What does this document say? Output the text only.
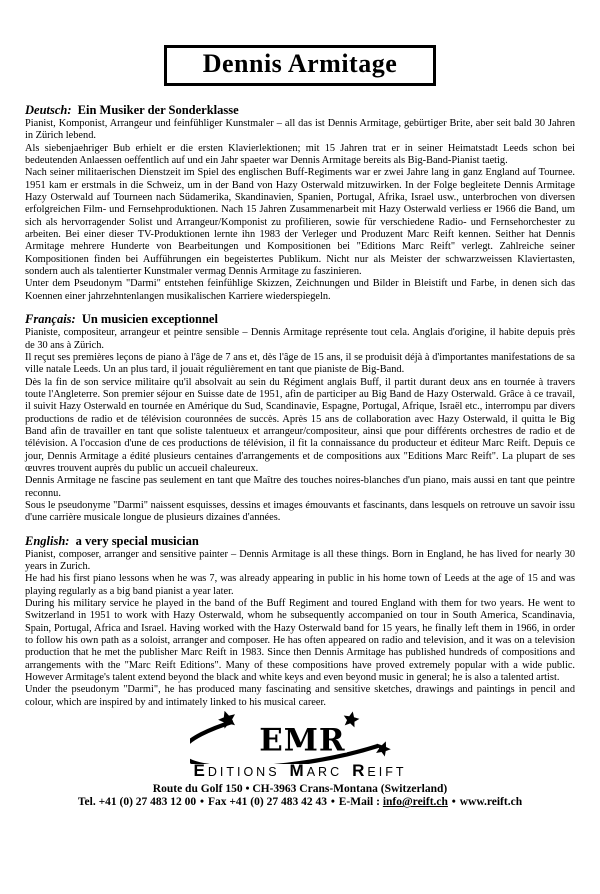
Dennis Armitage
Deutsch: Ein Musiker der Sonderklasse

Pianist, Komponist, Arrangeur und feinfühliger Kunstmaler – all das ist Dennis Armitage, gebürtiger Brite, aber seit bald 30 Jahren in Zürich lebend.

Als siebenjaehriger Bub erhielt er die ersten Klavierlektionen; mit 15 Jahren trat er in seiner Heimatstadt Leeds schon bei bedeutenden Anlaessen oeffentlich auf und ein Jahr spaeter war Dennis Armitage bereits als Big-Band-Pianist taetig.

Nach seiner militaerischen Dienstzeit im Spiel des englischen Buff-Regiments war er zwei Jahre lang in ganz England auf Tournee. 1951 kam er erstmals in die Schweiz, um in der Band von Hazy Osterwald mitzuwirken. In der Folge begleitete Dennis Armitage Hazy Osterwald auf Tourneen nach Südamerika, Skandinavien, Spanien, Portugal, Afrika, Israel usw., unterbrochen von diversen erfolgreichen Film- und Fernsehproduktionen. Nach 15 Jahren Zusammenarbeit mit Hazy Osterwald verliess er 1966 die Band, um sich als hervorragender Solist und Arrangeur/Komponist zu profilieren, sowie für verschiedene Radio- und Fernsehorchester zu arbeiten. Bei einer dieser TV-Produktionen lernte ihn 1983 der Verleger und Produzent Marc Reift kennen. Seither hat Dennis Armitage mehrere Hunderte von Bearbeitungen und Kompositionen bei "Editions Marc Reift" verlegt. Zahlreiche seiner Kompositionen finden bei Aufführungen ein begeistertes Publikum. Nicht nur als Meister der schwarzweissen Klaviertasten, sondern auch als talentierter Kunstmaler vermag Dennis Armitage zu faszinieren.

Unter dem Pseudonym "Darmi" entstehen feinfühlige Skizzen, Zeichnungen und Bilder in Bleistift und Farbe, in denen sich das Koennen einer jahrzehntenlangen musikalischen Karriere wiederspiegeln.

Français: Un musicien exceptionnel

Pianiste, compositeur, arrangeur et peintre sensible – Dennis Armitage représente tout cela. Anglais d'origine, il habite depuis près de 30 ans à Zürich.

Il reçut ses premières leçons de piano à l'âge de 7 ans et, dès l'âge de 15 ans, il se produisit déjà à d'importantes manifestations de sa ville natale Leeds. Un an plus tard, il jouait régulièrement en tant que pianiste de Big-Band.

Dès la fin de son service militaire qu'il absolvait au sein du Régiment anglais Buff, il partit durant deux ans en tournée à travers toute l'Angleterre. Son premier séjour en Suisse date de 1951, afin de participer au Big Band de Hazy Osterwald. Grâce à ce travail, il suivit Hazy Osterwald en tournée en Amérique du Sud, Scandinavie, Espagne, Portugal, Afrique, Israël etc., interrompu par divers productions de radio et de télévision couronnées de succès. Après 15 ans de collaboration avec Hazy Osterwald, il quitta le Big Band afin de travailler en tant que soliste talentueux et arrangeur/compositeur, ainsi que pour différents orchestres de radio et de télévision. A l'occasion d'une de ces productions de télévision, il fit la connaissance du producteur et éditeur Marc Reift. Depuis ce jour, Dennis Armitage a édité plusieurs centaines d'arrangements et de compositions aux "Editions Marc Reift". La plupart de ses œuvres trouvent auprès du public un accueil chaleureux.

Dennis Armitage ne fascine pas seulement en tant que Maître des touches noires-blanches d'un piano, mais aussi en tant que peintre reconnu.

Sous le pseudonyme "Darmi" naissent esquisses, dessins et images émouvants et fascinants, dans lesquels on retrouve un savoir issu d'une carrière musicale longue de plusieurs dizaines d'années.

English: a very special musician

Pianist, composer, arranger and sensitive painter – Dennis Armitage is all these things. Born in England, he has lived for nearly 30 years in Zurich.

He had his first piano lessons when he was 7, was already appearing in public in his home town of Leeds at the age of 15 and was playing regularly as a big band pianist a year later.

During his military service he played in the band of the Buff Regiment and toured England with them for two years. He went to Switzerland in 1951 to work with Hazy Osterwald, whom he subsequently accompanied on tour in South America, Scandinavia, Spain, Portugal, Africa and Israel. Having worked with the Hazy Osterwald band for 15 years, he finally left them in 1966, in order to follow his own path as a soloist, arranger and composer. He has often appeared on radio and television, and it was on a television production that he met the publisher Marc Reift in 1983. Since then Dennis Armitage has published hundreds of compositions and arrangements with the "Marc Reift Editions". Many of these compositions have proved extremely popular with a wide public. However Armitage's talent extend beyond the black and white keys and even beyond music in general; he is also a talented artist.

Under the pseudonym "Darmi", he has produced many fascinating and sensitive sketches, drawings and paintings in pencil and colour, which are inspired by and intimately linked to his musical career.

EMR
EDITIONS MARC REIFT
Route du Golf 150 • CH-3963 Crans-Montana (Switzerland)
Tel. +41 (0) 27 483 12 00 • Fax +41 (0) 27 483 42 43 • E-Mail : info@reift.ch • www.reift.ch
